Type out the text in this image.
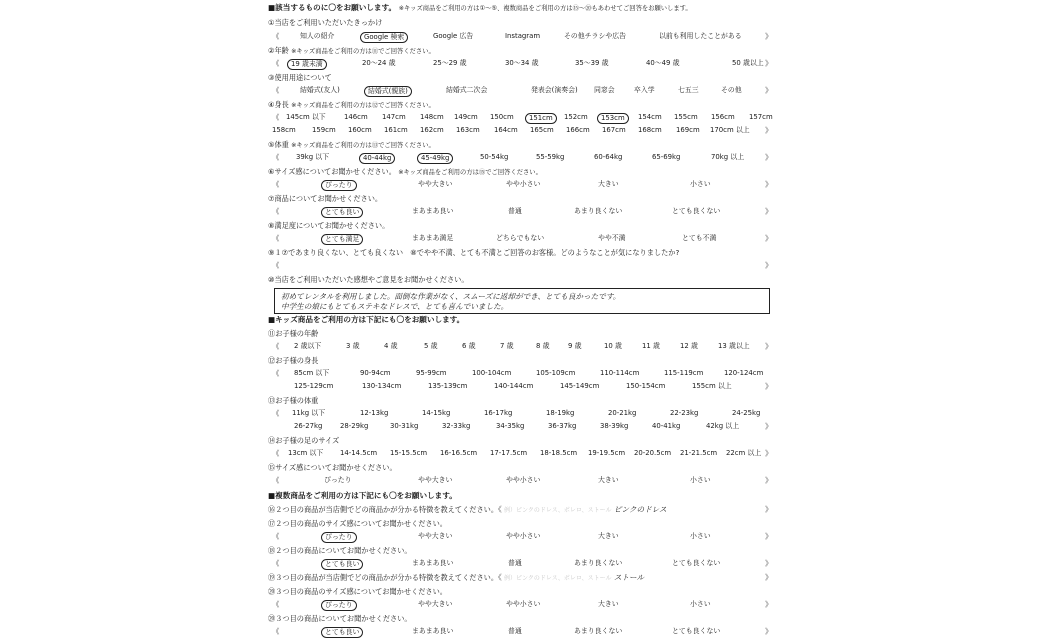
■該当するものに〇をお願いします。 ※キッズ商品をご利用の方は①〜⑤、複数商品をご利用の方は⑮〜⑳もあわせてご回答をお願いします。
①当店をご利用いただいたきっかけ
《	知人の紹介	Google 検索	Google 広告	Instagram	その他チラシや広告	以前も利用したことがある	》
②年齢 ※キッズ商品をご利用の方は⑪でご回答ください。
《	19 歳未満	20〜24 歳	25〜29 歳	30〜34 歳	35〜39 歳	40〜49 歳	50 歳以上 》
③使用用途について
《	結婚式(友人)	結婚式(親族)	結婚式二次会	発表会(演奏会) 同窓会	卒入学	七五三	その他	》
④身長 ※キッズ商品をご利用の方は⑫でご回答ください。
《 145cm 以下	146cm 147cm 148cm 149cm 150cm	151cm	152cm	153cm	154cm 155cm 156cm 157cm
158cm 159cm 160cm 161cm 162cm 163cm 164cm 165cm 166cm 167cm 168cm 169cm 170cm 以上 》
⑤体重 ※キッズ商品をご利用の方は⑬でご回答ください。
《 39kg 以下	40-44kg	45-49kg	50-54kg	55-59kg	60-64kg	65-69kg	70kg 以上	》
⑥サイズ感についてお聞かせください。 ※キッズ商品をご利用の方は⑮でご回答ください。
《	ぴったり	やや大きい	やや小さい	大きい	小さい	》
⑦商品についてお聞かせください。
《	とても良い	まあまあ良い	普通	あまり良くない	とても良くない	》
⑧満足度についてお聞かせください。
《	とても満足	まあまあ満足	どちらでもない	やや不満	とても不満	》
⑨１⑦であまり良くない、とても良くない　⑧でやや不満、とても不満とご回答のお客様。どのようなことが気になりましたか?
《	》
⑩当店をご利用いただいた感想やご意見をお聞かせください。
初めてレンタルを利用しました。面倒な作業がなく、スムーズに返却ができ、とても良かったです。
中学生の娘にもとてもステキなドレスで、とても喜んでいました。
■キッズ商品をご利用の方は下記にも〇をお願いします。
⑪お子様の年齢
《 2 歳以下	3 歳	4 歳	5 歳	6 歳	7 歳	8 歳	9 歳	10 歳	11 歳	12 歳	13 歳以上 》
⑫お子様の身長
《 85cm 以下	90-94cm	95-99cm	100-104cm	105-109cm	110-114cm	115-119cm	120-124cm
125-129cm	130-134cm	135-139cm	140-144cm	145-149cm	150-154cm	155cm 以上	》
⑬お子様の体重
《 11kg 以下	12-13kg	14-15kg	16-17kg	18-19kg	20-21kg	22-23kg	24-25kg
26-27kg	28-29kg	30-31kg	32-33kg	34-35kg	36-37kg	38-39kg	40-41kg	42kg 以上	》
⑭お子様の足のサイズ
《 13cm 以下 14-14.5cm 15-15.5cm 16-16.5cm 17-17.5cm 18-18.5cm 19-19.5cm 20-20.5cm 21-21.5cm 22cm 以上 》
⑮サイズ感についてお聞かせください。
《	ぴったり	やや大きい	やや小さい	大きい	小さい	》
■複数商品をご利用の方は下記にも〇をお願いします。
⑯２つ目の商品が当店側でどの商品かが分かる特徴を教えてください。《 例）ピンクのドレス、ボレロ、ストール ピンクのドレス	》
⑰２つ目の商品のサイズ感についてお聞かせください。
《	ぴったり	やや大きい	やや小さい	大きい	小さい	》
⑱２つ目の商品についてお聞かせください。
《	とても良い	まあまあ良い	普通	あまり良くない	とても良くない	》
⑲３つ目の商品が当店側でどの商品かが分かる特徴を教えてください。《 例）ピンクのドレス、ボレロ、ストール ストール	》
⑳３つ目の商品のサイズ感についてお聞かせください。
《	ぴったり	やや大きい	やや小さい	大きい	小さい	》
⑳３つ目の商品についてお聞かせください。
《	とても良い	まあまあ良い	普通	あまり良くない	とても良くない	》
